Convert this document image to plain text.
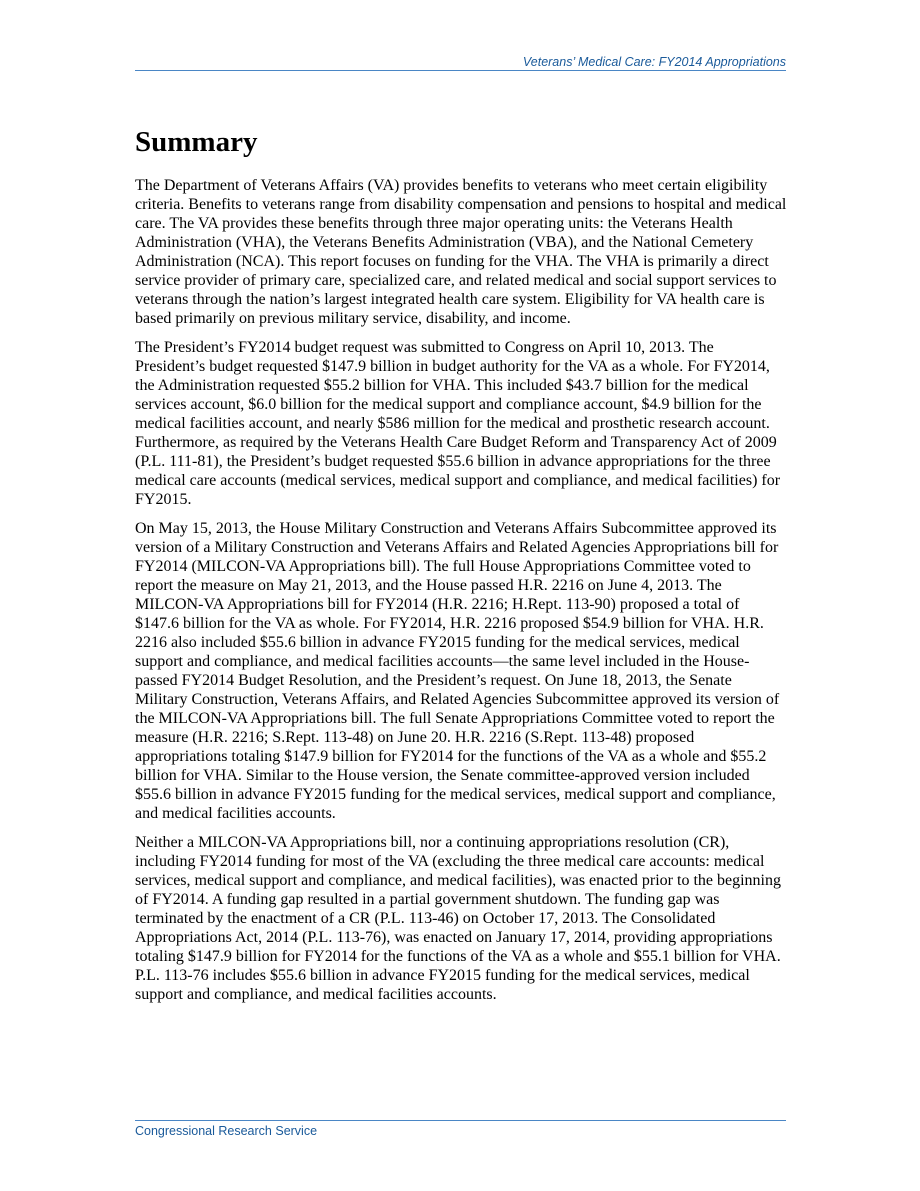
Veterans’ Medical Care: FY2014 Appropriations
Summary

The Department of Veterans Affairs (VA) provides benefits to veterans who meet certain eligibility criteria. Benefits to veterans range from disability compensation and pensions to hospital and medical care. The VA provides these benefits through three major operating units: the Veterans Health Administration (VHA), the Veterans Benefits Administration (VBA), and the National Cemetery Administration (NCA). This report focuses on funding for the VHA. The VHA is primarily a direct service provider of primary care, specialized care, and related medical and social support services to veterans through the nation’s largest integrated health care system. Eligibility for VA health care is based primarily on previous military service, disability, and income.

The President’s FY2014 budget request was submitted to Congress on April 10, 2013. The President’s budget requested $147.9 billion in budget authority for the VA as a whole. For FY2014, the Administration requested $55.2 billion for VHA. This included $43.7 billion for the medical services account, $6.0 billion for the medical support and compliance account, $4.9 billion for the medical facilities account, and nearly $586 million for the medical and prosthetic research account. Furthermore, as required by the Veterans Health Care Budget Reform and Transparency Act of 2009 (P.L. 111-81), the President’s budget requested $55.6 billion in advance appropriations for the three medical care accounts (medical services, medical support and compliance, and medical facilities) for FY2015.

On May 15, 2013, the House Military Construction and Veterans Affairs Subcommittee approved its version of a Military Construction and Veterans Affairs and Related Agencies Appropriations bill for FY2014 (MILCON-VA Appropriations bill). The full House Appropriations Committee voted to report the measure on May 21, 2013, and the House passed H.R. 2216 on June 4, 2013. The MILCON-VA Appropriations bill for FY2014 (H.R. 2216; H.Rept. 113-90) proposed a total of $147.6 billion for the VA as whole. For FY2014, H.R. 2216 proposed $54.9 billion for VHA. H.R. 2216 also included $55.6 billion in advance FY2015 funding for the medical services, medical support and compliance, and medical facilities accounts—the same level included in the House-passed FY2014 Budget Resolution, and the President’s request. On June 18, 2013, the Senate Military Construction, Veterans Affairs, and Related Agencies Subcommittee approved its version of the MILCON-VA Appropriations bill. The full Senate Appropriations Committee voted to report the measure (H.R. 2216; S.Rept. 113-48) on June 20. H.R. 2216 (S.Rept. 113-48) proposed appropriations totaling $147.9 billion for FY2014 for the functions of the VA as a whole and $55.2 billion for VHA. Similar to the House version, the Senate committee-approved version included $55.6 billion in advance FY2015 funding for the medical services, medical support and compliance, and medical facilities accounts.

Neither a MILCON-VA Appropriations bill, nor a continuing appropriations resolution (CR), including FY2014 funding for most of the VA (excluding the three medical care accounts: medical services, medical support and compliance, and medical facilities), was enacted prior to the beginning of FY2014. A funding gap resulted in a partial government shutdown. The funding gap was terminated by the enactment of a CR (P.L. 113-46) on October 17, 2013. The Consolidated Appropriations Act, 2014 (P.L. 113-76), was enacted on January 17, 2014, providing appropriations totaling $147.9 billion for FY2014 for the functions of the VA as a whole and $55.1 billion for VHA. P.L. 113-76 includes $55.6 billion in advance FY2015 funding for the medical services, medical support and compliance, and medical facilities accounts.

Congressional Research Service
